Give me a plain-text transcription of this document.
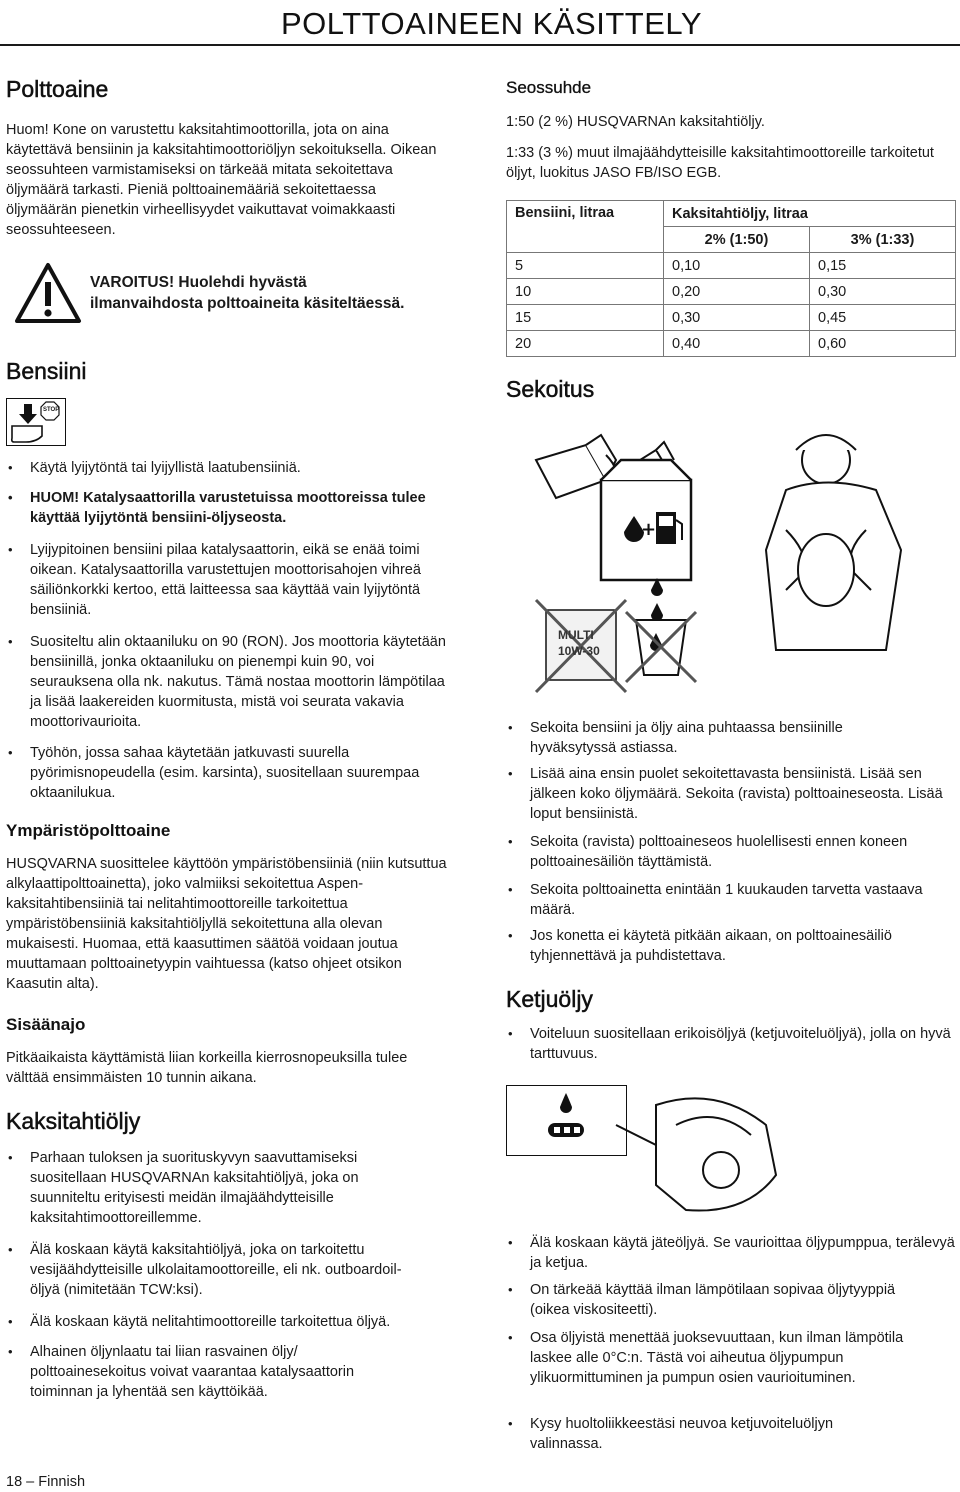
POLTTOAINEEN KÄSITTELY
Polttoaine

Huom! Kone on varustettu kaksitahtimoottorilla, jota on aina käytettävä bensiinin ja kaksitahtimoottoriöljyn sekoituksella. Oikean seossuhteen varmistamiseksi on tärkeää mitata sekoitettava öljymäärä tarkasti. Pieniä polttoainemääriä sekoitettaessa öljymäärän pienetkin virheellisyydet vaikuttavat voimakkaasti seossuhteeseen.

VAROITUS! Huolehdi hyvästä
ilmanvaihdosta polttoaineita käsiteltäessä.
Bensiini
STOP
• Käytä lyijytöntä tai lyijyllistä laatubensiiniä.
• HUOM! Katalysaattorilla varustetuissa moottoreissa tulee käyttää lyijytöntä bensiini-öljyseosta.
• Lyijypitoinen bensiini pilaa katalysaattorin, eikä se enää toimi oikean. Katalysaattorilla varustettujen moottorisahojen vihreä säiliönkorkki kertoo, että laitteessa saa käyttää vain lyijytöntä bensiiniä.
• Suositeltu alin oktaaniluku on 90 (RON). Jos moottoria käytetään bensiinillä, jonka oktaaniluku on pienempi kuin 90, voi seurauksena olla nk. nakutus. Tämä nostaa moottorin lämpötilaa ja lisää laakereiden kuormitusta, mistä voi seurata vakavia moottorivaurioita.
• Työhön, jossa sahaa käytetään jatkuvasti suurella pyörimisnopeudella (esim. karsinta), suositellaan suurempaa oktaanilukua.
Ympäristöpolttoaine

HUSQVARNA suosittelee käyttöön ympäristöbensiiniä (niin kutsuttua alkylaattipolttoainetta), joko valmiiksi sekoitettua Aspen-kaksitahtibensiiniä tai nelitahtimoottoreille tarkoitettua ympäristöbensiiniä kaksitahtiöljyllä sekoitettuna alla olevan mukaisesti. Huomaa, että kaasuttimen säätöä voidaan joutua muuttamaan polttoainetyypin vaihtuessa (katso ohjeet otsikon Kaasutin alta).

Sisäänajo

Pitkäaikaista käyttämistä liian korkeilla kierrosnopeuksilla tulee välttää ensimmäisten 10 tunnin aikana.

Kaksitahtiöljy
• Parhaan tuloksen ja suorituskyvyn saavuttamiseksi suositellaan HUSQVARNAn kaksitahtiöljyä, joka on suunniteltu erityisesti meidän ilmajäähdytteisille kaksitahtimoottoreillemme.
• Älä koskaan käytä kaksitahtiöljyä, joka on tarkoitettu vesijäähdytteisille ulkolaitamoottoreille, eli nk. outboardoil-öljyä (nimitetään TCW:ksi).
• Älä koskaan käytä nelitahtimoottoreille tarkoitettua öljyä.
• Alhainen öljynlaatu tai liian rasvainen öljy/ polttoainesekoitus voivat vaarantaa katalysaattorin toiminnan ja lyhentää sen käyttöikää.
18 – Finnish
Seossuhde

1:50 (2 %) HUSQVARNAn kaksitahtiöljy.

1:33 (3 %) muut ilmajäähdytteisille kaksitahtimoottoreille tarkoitetut öljyt, luokitus JASO FB/ISO EGB.

Bensiini, litraa	Kaksitahtiöljy, litraa	
	2% (1:50)	3% (1:33)
5	0,10	0,15
10	0,20	0,30
15	0,30	0,45
20	0,40	0,60
Sekoitus
+
MULTI
10W-30
• Sekoita bensiini ja öljy aina puhtaassa bensiinille hyväksytyssä astiassa.
• Lisää aina ensin puolet sekoitettavasta bensiinistä. Lisää sen jälkeen koko öljymäärä. Sekoita (ravista) polttoaineseosta. Lisää loput bensiinistä.
• Sekoita (ravista) polttoaineseos huolellisesti ennen koneen polttoainesäiliön täyttämistä.
• Sekoita polttoainetta enintään 1 kuukauden tarvetta vastaava määrä.
• Jos konetta ei käytetä pitkään aikaan, on polttoainesäiliö tyhjennettävä ja puhdistettava.
Ketjuöljy
• Voiteluun suositellaan erikoisöljyä (ketjuvoiteluöljyä), jolla on hyvä tarttuvuus.
• Älä koskaan käytä jäteöljyä. Se vaurioittaa öljypumppua, terälevyä ja ketjua.
• On tärkeää käyttää ilman lämpötilaan sopivaa öljytyyppiä (oikea viskositeetti).
• Osa öljyistä menettää juoksevuuttaan, kun ilman lämpötila laskee alle 0°C:n. Tästä voi aiheutua öljypumpun ylikuormittuminen ja pumpun osien vaurioituminen.
• Kysy huoltoliikkeestäsi neuvoa ketjuvoiteluöljyn valinnassa.
